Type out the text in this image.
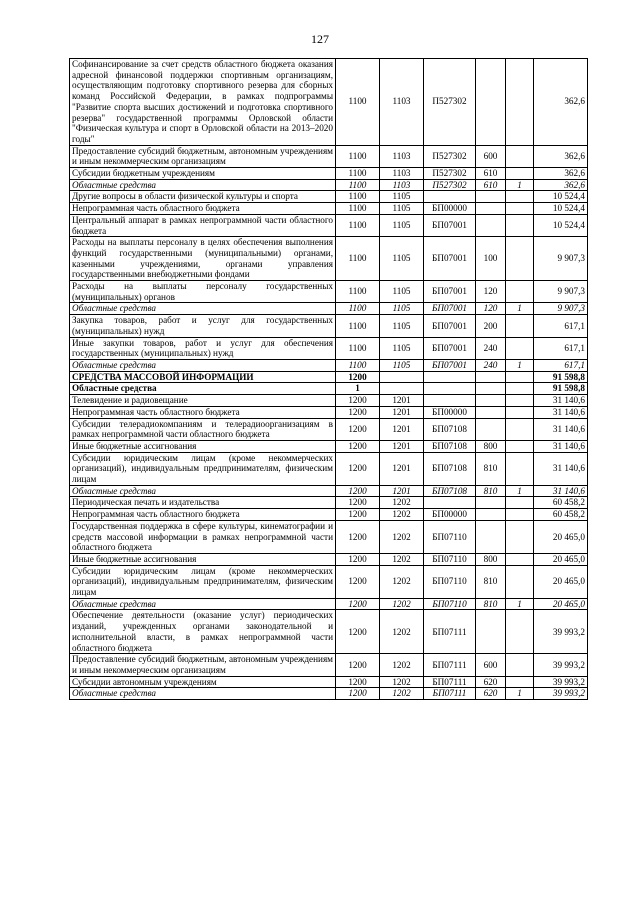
127
Софинансирование за счет средств областного бюджета оказания адресной финансовой поддержки спортивным организациям, осуществляющим подготовку спортивного резерва для сборных команд Российской Федерации, в рамках подпрограммы "Развитие спорта высших достижений и подготовка спортивного резерва" государственной программы Орловской области "Физическая культура и спорт в Орловской области на 2013–2020 годы"	1100	1103	П527302			362,6
Предоставление субсидий бюджетным, автономным учреждениям и иным некоммерческим организациям	1100	1103	П527302	600		362,6
Субсидии бюджетным учреждениям	1100	1103	П527302	610		362,6
Областные средства	1100	1103	П527302	610	1	362,6
Другие вопросы в области физической культуры и спорта	1100	1105				10 524,4
Непрограммная часть областного бюджета	1100	1105	БП00000			10 524,4
Центральный аппарат в рамках непрограммной части областного бюджета	1100	1105	БП07001			10 524,4
Расходы на выплаты персоналу в целях обеспечения выполнения функций государственными (муниципальными) органами, казенными учреждениями, органами управления государственными внебюджетными фондами	1100	1105	БП07001	100		9 907,3
Расходы на выплаты персоналу государственных (муниципальных) органов	1100	1105	БП07001	120		9 907,3
Областные средства	1100	1105	БП07001	120	1	9 907,3
Закупка товаров, работ и услуг для государственных (муниципальных) нужд	1100	1105	БП07001	200		617,1
Иные закупки товаров, работ и услуг для обеспечения государственных (муниципальных) нужд	1100	1105	БП07001	240		617,1
Областные средства	1100	1105	БП07001	240	1	617,1
СРЕДСТВА МАССОВОЙ ИНФОРМАЦИИ	1200					91 598,8
Областные средства	1					91 598,8
Телевидение и радиовещание	1200	1201				31 140,6
Непрограммная часть областного бюджета	1200	1201	БП00000			31 140,6
Субсидии телерадиокомпаниям и телерадиоорганизациям в рамках непрограммной части областного бюджета	1200	1201	БП07108			31 140,6
Иные бюджетные ассигнования	1200	1201	БП07108	800		31 140,6
Субсидии юридическим лицам (кроме некоммерческих организаций), индивидуальным предпринимателям, физическим лицам	1200	1201	БП07108	810		31 140,6
Областные средства	1200	1201	БП07108	810	1	31 140,6
Периодическая печать и издательства	1200	1202				60 458,2
Непрограммная часть областного бюджета	1200	1202	БП00000			60 458,2
Государственная поддержка в сфере культуры, кинематографии и средств массовой информации в рамках непрограммной части областного бюджета	1200	1202	БП07110			20 465,0
Иные бюджетные ассигнования	1200	1202	БП07110	800		20 465,0
Субсидии юридическим лицам (кроме некоммерческих организаций), индивидуальным предпринимателям, физическим лицам	1200	1202	БП07110	810		20 465,0
Областные средства	1200	1202	БП07110	810	1	20 465,0
Обеспечение деятельности (оказание услуг) периодических изданий, учрежденных органами законодательной и исполнительной власти, в рамках непрограммной части областного бюджета	1200	1202	БП07111			39 993,2
Предоставление субсидий бюджетным, автономным учреждениям и иным некоммерческим организациям	1200	1202	БП07111	600		39 993,2
Субсидии автономным учреждениям	1200	1202	БП07111	620		39 993,2
Областные средства	1200	1202	БП07111	620	1	39 993,2
